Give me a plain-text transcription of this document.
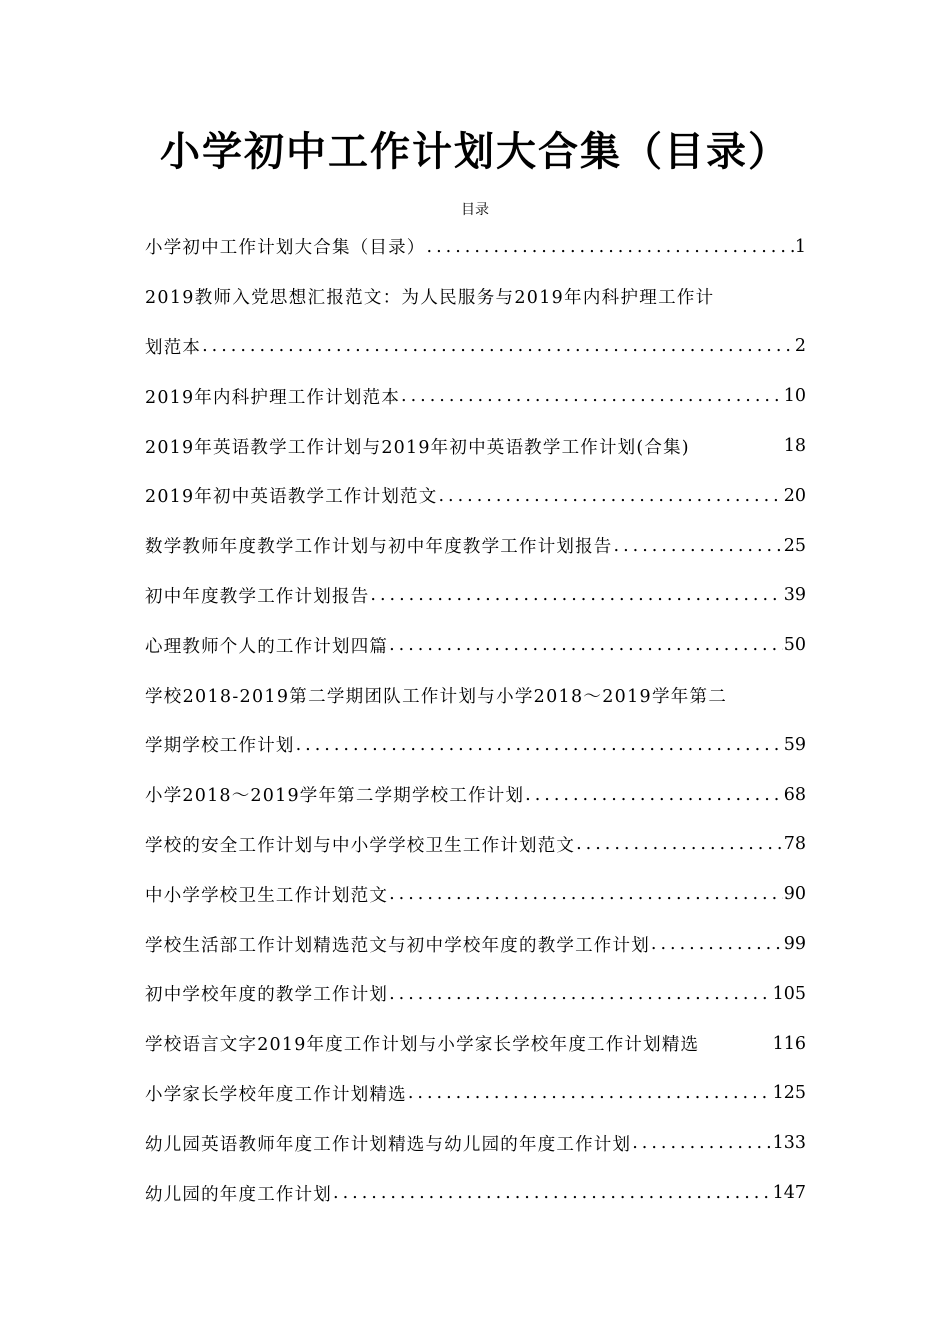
小学初中工作计划大合集（目录）
目录
小学初中工作计划大合集（目录） .....	1
2019教师入党思想汇报范文：为人民服务与2019年内科护理工作计
划范本 .....	2
2019年内科护理工作计划范本 .....	10
2019年英语教学工作计划与2019年初中英语教学工作计划(合集)	18
2019年初中英语教学工作计划范文 .....	20
数学教师年度教学工作计划与初中年度教学工作计划报告 .....	25
初中年度教学工作计划报告 .....	39
心理教师个人的工作计划四篇 .....	50
学校2018-2019第二学期团队工作计划与小学2018～2019学年第二
学期学校工作计划 .....	59
小学2018～2019学年第二学期学校工作计划 .....	68
学校的安全工作计划与中小学学校卫生工作计划范文 .....	78
中小学学校卫生工作计划范文 .....	90
学校生活部工作计划精选范文与初中学校年度的教学工作计划 .....	99
初中学校年度的教学工作计划 .....	105
学校语言文字2019年度工作计划与小学家长学校年度工作计划精选	116
小学家长学校年度工作计划精选 .....	125
幼儿园英语教师年度工作计划精选与幼儿园的年度工作计划 .....	133
幼儿园的年度工作计划 .....	147
